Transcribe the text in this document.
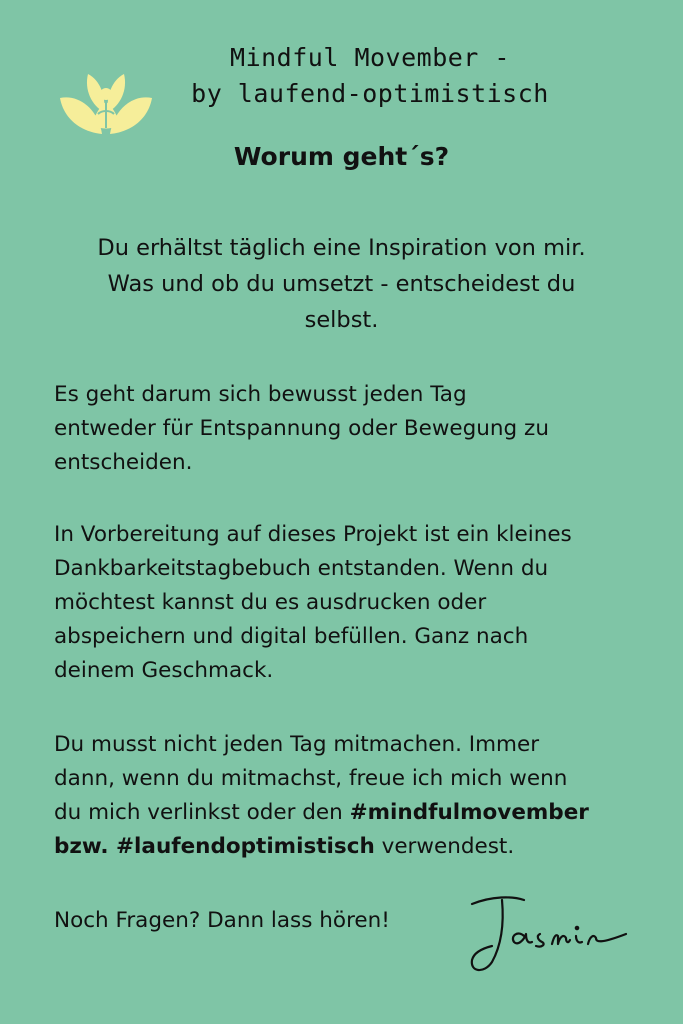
Mindful Movember -
by laufend-optimistisch
Worum geht´s?
Du erhältst täglich eine Inspiration von mir.
Was und ob du umsetzt - entscheidest du
selbst.
Es geht darum sich bewusst jeden Tag
entweder für Entspannung oder Bewegung zu
entscheiden.
In Vorbereitung auf dieses Projekt ist ein kleines
Dankbarkeitstagbebuch entstanden. Wenn du
möchtest kannst du es ausdrucken oder
abspeichern und digital befüllen. Ganz nach
deinem Geschmack.
Du musst nicht jeden Tag mitmachen. Immer
dann, wenn du mitmachst, freue ich mich wenn
du mich verlinkst oder den #mindfulmovember
bzw. #laufendoptimistisch verwendest.
Noch Fragen? Dann lass hören!
